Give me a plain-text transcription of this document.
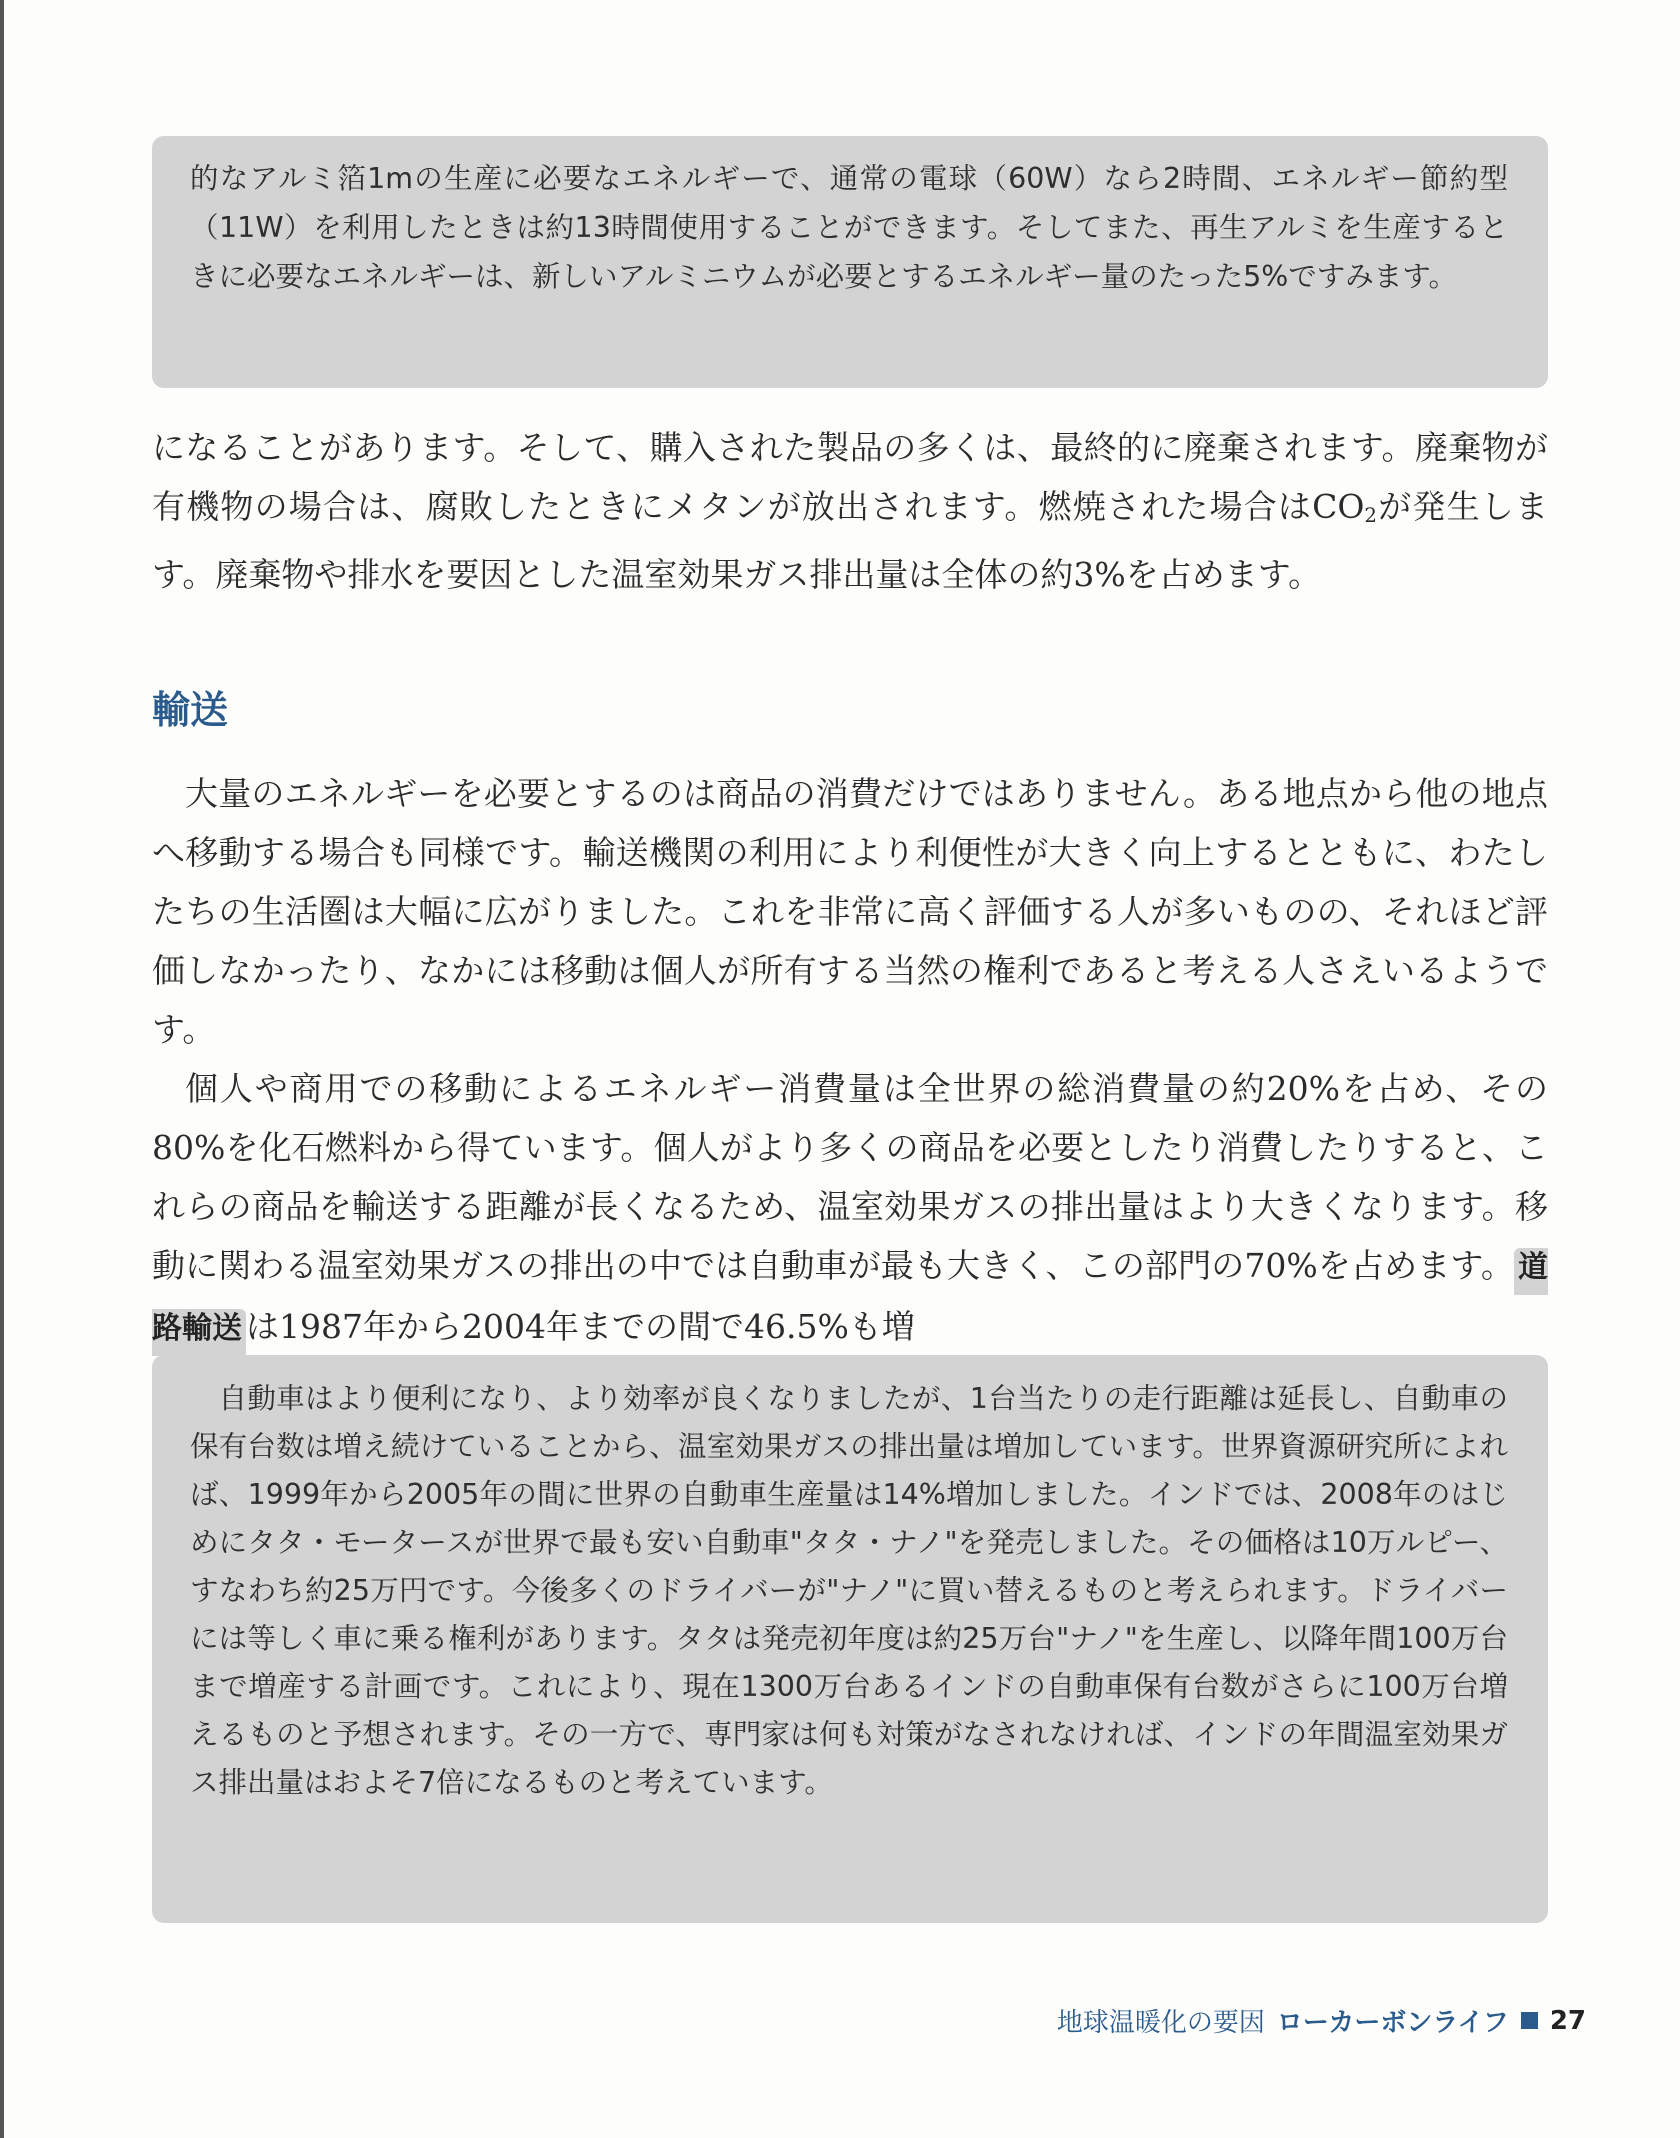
的なアルミ箔1mの生産に必要なエネルギーで、通常の電球（60W）なら2時間、エネルギー節約型（11W）を利用したときは約13時間使用することができます。そしてまた、再生アルミを生産するときに必要なエネルギーは、新しいアルミニウムが必要とするエネルギー量のたった5%ですみます。

になることがあります。そして、購入された製品の多くは、最終的に廃棄されます。廃棄物が有機物の場合は、腐敗したときにメタンが放出されます。燃焼された場合は$CO_2$が発生します。廃棄物や排水を要因とした温室効果ガス排出量は全体の約3%を占めます。

輸送

大量のエネルギーを必要とするのは商品の消費だけではありません。ある地点から他の地点へ移動する場合も同様です。輸送機関の利用により利便性が大きく向上するとともに、わたしたちの生活圏は大幅に広がりました。これを非常に高く評価する人が多いものの、それほど評価しなかったり、なかには移動は個人が所有する当然の権利であると考える人さえいるようです。

個人や商用での移動によるエネルギー消費量は全世界の総消費量の約20%を占め、その80%を化石燃料から得ています。個人がより多くの商品を必要としたり消費したりすると、これらの商品を輸送する距離が長くなるため、温室効果ガスの排出量はより大きくなります。移動に関わる温室効果ガスの排出の中では自動車が最も大きく、この部門の70%を占めます。 道路輸送 は1987年から2004年までの間で46.5%も増

自動車はより便利になり、より効率が良くなりましたが、1台当たりの走行距離は延長し、自動車の保有台数は増え続けていることから、温室効果ガスの排出量は増加しています。世界資源研究所によれば、1999年から2005年の間に世界の自動車生産量は14%増加しました。インドでは、2008年のはじめにタタ・モータースが世界で最も安い自動車"タタ・ナノ"を発売しました。その価格は10万ルピー、すなわち約25万円です。今後多くのドライバーが"ナノ"に買い替えるものと考えられます。ドライバーには等しく車に乗る権利があります。タタは発売初年度は約25万台"ナノ"を生産し、以降年間100万台まで増産する計画です。これにより、現在1300万台あるインドの自動車保有台数がさらに100万台増えるものと予想されます。その一方で、専門家は何も対策がなされなければ、インドの年間温室効果ガス排出量はおよそ7倍になるものと考えています。

地球温暖化の要因 ローカーボンライフ 27
